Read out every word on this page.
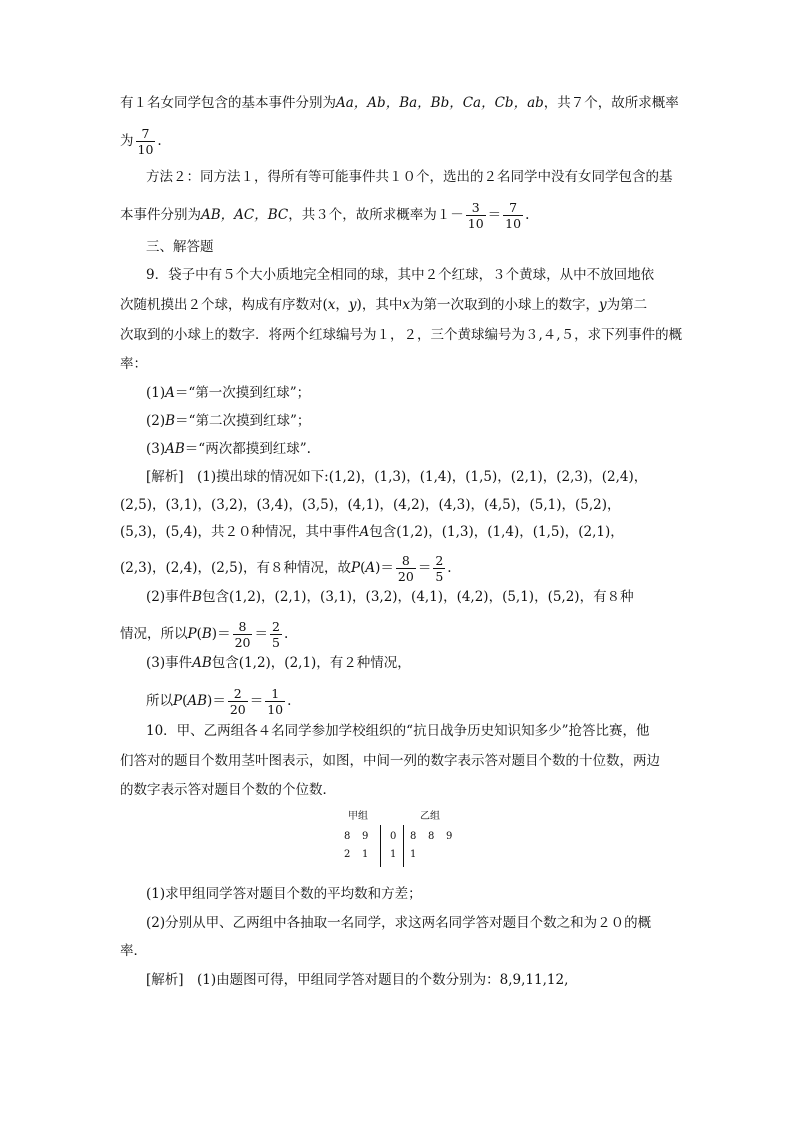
有１名女同学包含的基本事件分别为Aa，Ab，Ba，Bb，Ca，Cb，ab，共７个，故所求概率
为 $\frac{7}{10}$ .
方法２：同方法１，得所有等可能事件共１０个，选出的２名同学中没有女同学包含的基
本事件分别为AB，AC，BC，共３个，故所求概率为$1- \frac{3}{10} = \frac{7}{10}$ .
三、解答题
9．袋子中有５个大小质地完全相同的球，其中２个红球，３个黄球，从中不放回地依
次随机摸出２个球，构成有序数对(x，y)，其中x为第一次取到的小球上的数字，y为第二
次取到的小球上的数字．将两个红球编号为１，２，三个黄球编号为３,４,５，求下列事件的概
率：
(1)A＝“第一次摸到红球”；
(2)B＝“第二次摸到红球”；
(3)AB＝“两次都摸到红球”.
[解析]　(1)摸出球的情况如下:(1,2)，(1,3)，(1,4)，(1,5)，(2,1)，(2,3)，(2,4)，
(2,5)，(3,1)，(3,2)，(3,4)，(3,5)，(4,1)，(4,2)，(4,3)，(4,5)，(5,1)，(5,2)，
(5,3)，(5,4)，共２０种情况，其中事件A包含(1,2)，(1,3)，(1,4)，(1,5)，(2,1)，
(2,3)，(2,4)，(2,5)，有８种情况，故$P(A)= \frac{8}{20} = \frac{2}{5}$ .
(2)事件B包含(1,2)，(2,1)，(3,1)，(3,2)，(4,1)，(4,2)，(5,1)，(5,2)，有８种
情况，所以$P(B)= \frac{8}{20} = \frac{2}{5}$ .
(3)事件AB包含(1,2)，(2,1)，有２种情况，
所以$P(AB)= \frac{2}{20} = \frac{1}{10}$ .
10．甲、乙两组各４名同学参加学校组织的“抗日战争历史知识知多少”抢答比赛，他
们答对的题目个数用茎叶图表示，如图，中间一列的数字表示答对题目个数的十位数，两边
的数字表示答对题目个数的个位数．
甲组	乙组
8 9 0 8 8 9
2 1 1 1
(1)求甲组同学答对题目个数的平均数和方差；
(2)分别从甲、乙两组中各抽取一名同学，求这两名同学答对题目个数之和为２０的概
率．
[解析]　(1)由题图可得，甲组同学答对题目的个数分别为：8,9,11,12,
